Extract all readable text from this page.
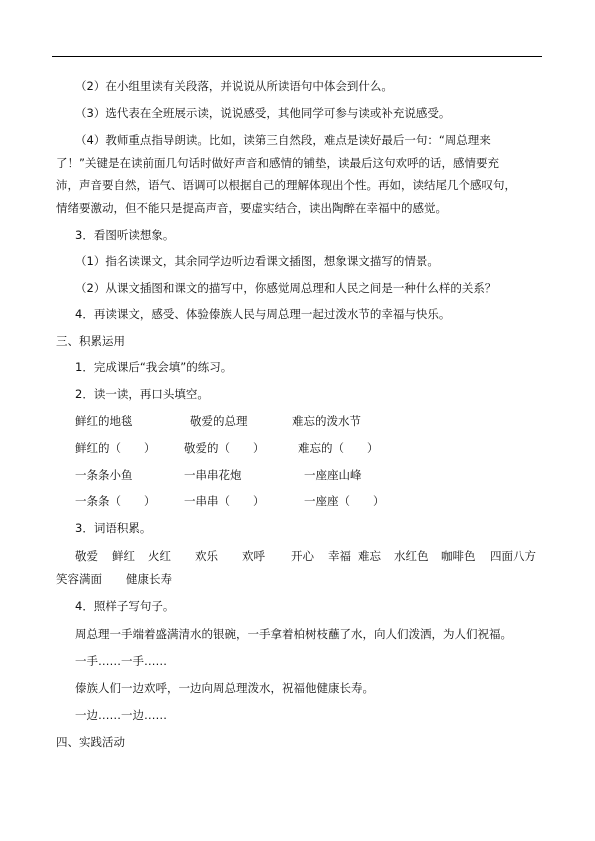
（2）在小组里读有关段落，并说说从所读语句中体会到什么。
（3）选代表在全班展示读，说说感受，其他同学可参与读或补充说感受。
（4）教师重点指导朗读。比如，读第三自然段，难点是读好最后一句：“周总理来
了！”关键是在读前面几句话时做好声音和感情的铺垫，读最后这句欢呼的话，感情要充
沛，声音要自然，语气、语调可以根据自己的理解体现出个性。再如，读结尾几个感叹句，
情绪要激动，但不能只是提高声音，要虚实结合，读出陶醉在幸福中的感觉。
3．看图听读想象。
（1）指名读课文，其余同学边听边看课文插图，想象课文描写的情景。
（2）从课文插图和课文的描写中，你感觉周总理和人民之间是一种什么样的关系？
4．再读课文，感受、体验傣族人民与周总理一起过泼水节的幸福与快乐。
三、积累运用
1．完成课后“我会填”的练习。
2．读一读，再口头填空。
鲜红的地毯	敬爱的总理	难忘的泼水节
鲜红的（　　） 敬爱的（　　）	难忘的（　　）
一条条小鱼	一串串花炮	一座座山峰
一条条（　　） 一串串（　　）	一座座（　　）
3．词语积累。
敬爱 鲜红 火红 欢乐 欢呼 开心 幸福 难忘 水红色 咖啡色 四面八方
笑容满面 健康长寿
4．照样子写句子。
周总理一手端着盛满清水的银碗，一手拿着柏树枝蘸了水，向人们泼洒，为人们祝福。
一手……一手……
傣族人们一边欢呼，一边向周总理泼水，祝福他健康长寿。
一边……一边……
四、实践活动
